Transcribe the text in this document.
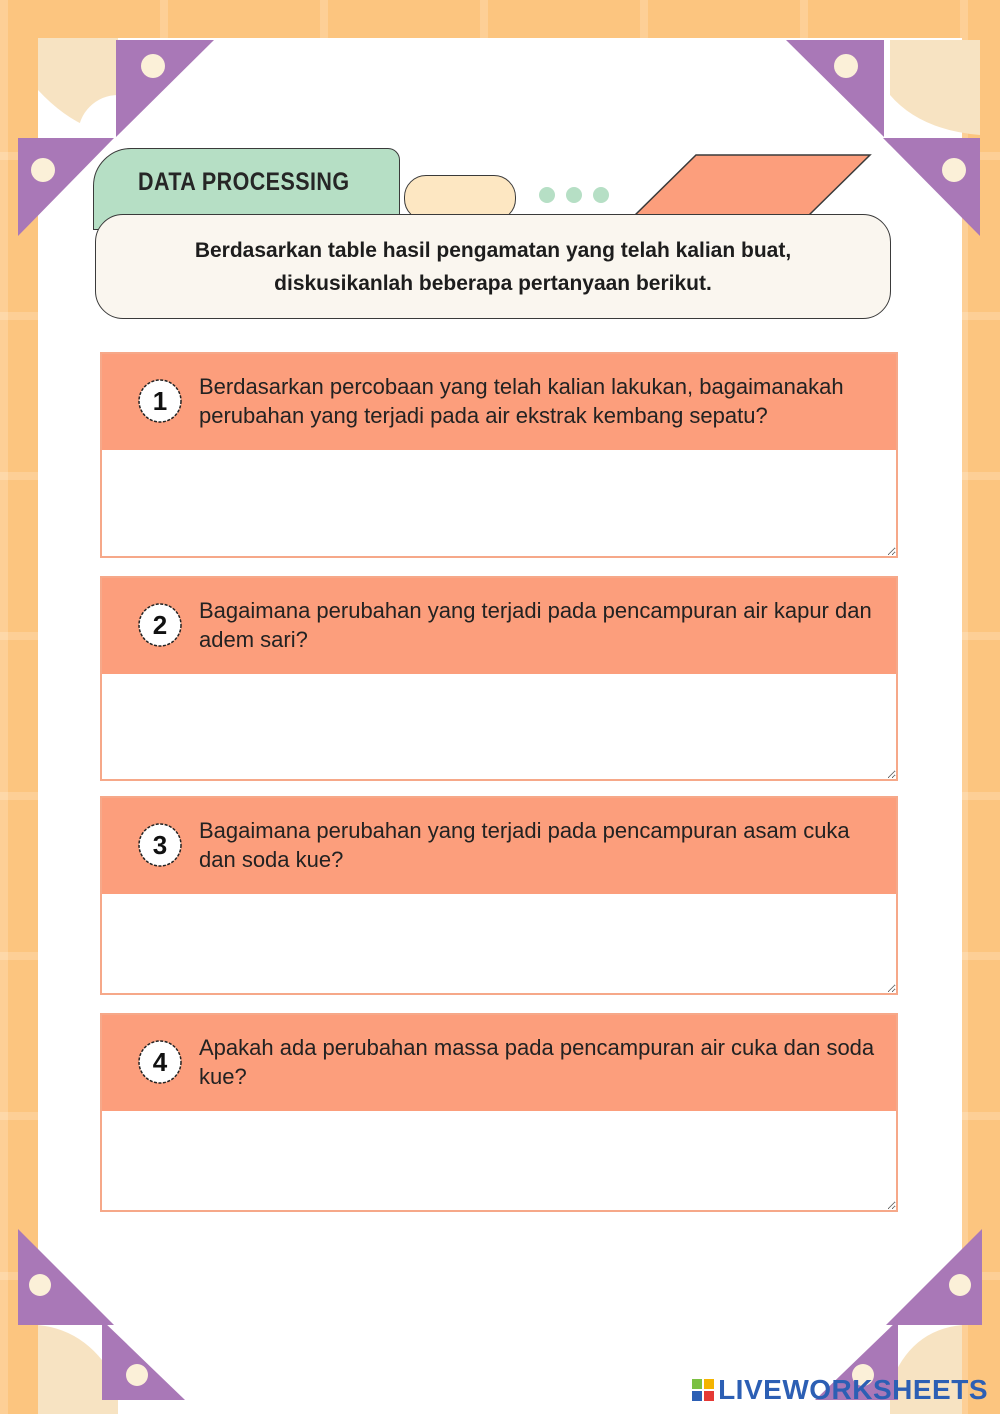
DATA PROCESSING
Berdasarkan table hasil pengamatan yang telah kalian buat, diskusikanlah beberapa pertanyaan berikut.
1	Berdasarkan percobaan yang telah kalian lakukan, bagaimanakah perubahan yang terjadi pada air ekstrak kembang sepatu?
2	Bagaimana perubahan yang terjadi pada pencampuran air kapur dan adem sari?
3	Bagaimana perubahan yang terjadi pada pencampuran asam cuka dan soda kue?
4	Apakah ada perubahan massa pada pencampuran air cuka dan soda kue?
LIVEWORKSHEETS
